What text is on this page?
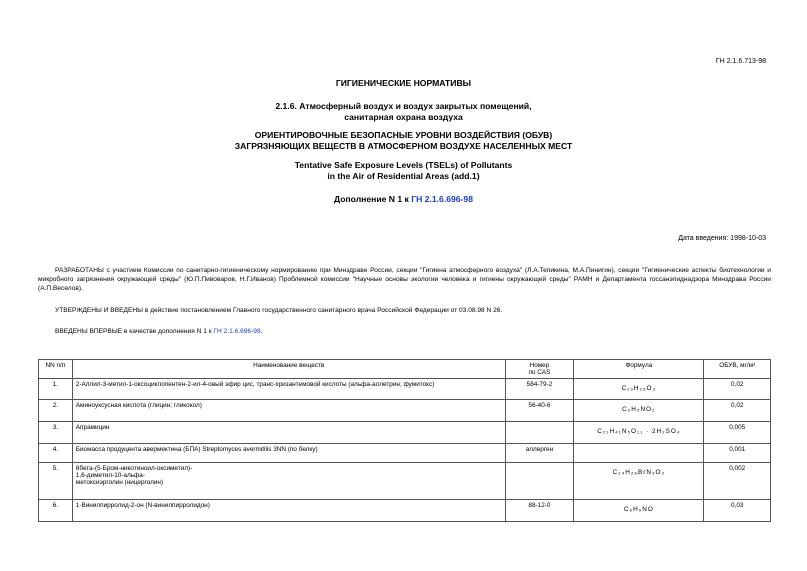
ГН 2.1.6.713-98
ГИГИЕНИЧЕСКИЕ НОРМАТИВЫ
2.1.6. Атмосферный воздух и воздух закрытых помещений,
санитарная охрана воздуха
ОРИЕНТИРОВОЧНЫЕ БЕЗОПАСНЫЕ УРОВНИ ВОЗДЕЙСТВИЯ (ОБУВ)
ЗАГРЯЗНЯЮЩИХ ВЕЩЕСТВ В АТМОСФЕРНОМ ВОЗДУХЕ НАСЕЛЕННЫХ МЕСТ
Tentative Safe Exposure Levels (TSELs) of Pollutants
in the Air of Residential Areas (add.1)
Дополнение N 1 к ГН 2.1.6.696-98
Дата введения: 1998-10-03
РАЗРАБОТАНЫ с участием Комиссии по санитарно-гигиеническому нормированию при Минздраве России, секции "Гигиена атмосферного воздуха" (Л.А.Тепикина, М.А.Пинигин), секции "Гигиенические аспекты биотехнологии и микробного загрязнения окружающей среды" (Ю.П.Пивоваров, Н.Г.Иванов) Проблемной комиссии "Научные основы экологии человека и гигиены окружающей среды" РАМН и Департамента госсанэпиднадзора Минздрава России (А.П.Веселов).
УТВЕРЖДЕНЫ И ВВЕДЕНЫ в действие постановлением Главного государственного санитарного врача Российской Федерации от 03.08.98 N 26.
ВВЕДЕНЫ ВПЕРВЫЕ в качестве дополнения N 1 к ГН 2.1.6.696-98.
NN п/п	Наименование веществ	Номер
по CAS	Формула	ОБУВ, мг/м³
1.	2-Аллил-3-метил-1-оксоциклопентен-2-ил-4-овый эфир цис, транс-хризантемовой кислоты (альфа-аллетрин; фумитокс)	584-79-2	C₁₉H₂₆O₃	0,02
2.	Аминоуксусная кислота (глицин; гликокол)	56-40-6	C₂H₅NO₂	0,02
3.	Апрамицин		C₂₁H₄₁N₅O₁₁ · 2H₂SO₄	0,005
4.	Биомасса продуцента авермектина (БПА) Streptomyces avermitilis 3NN (по белку)	аллерген		0,001
5.	8бета-(5-Бром-никотиноил-оксиметил)-
1,6-диметил-10-альфа-
метоксиэрголин (ницерголин)		C₂₄H₂₆BrN₃O₃	0,002
6.	1-Винилпирролид-2-он (N-винилпирролидон)	88-12-0	C₆H₉NO	0,03
